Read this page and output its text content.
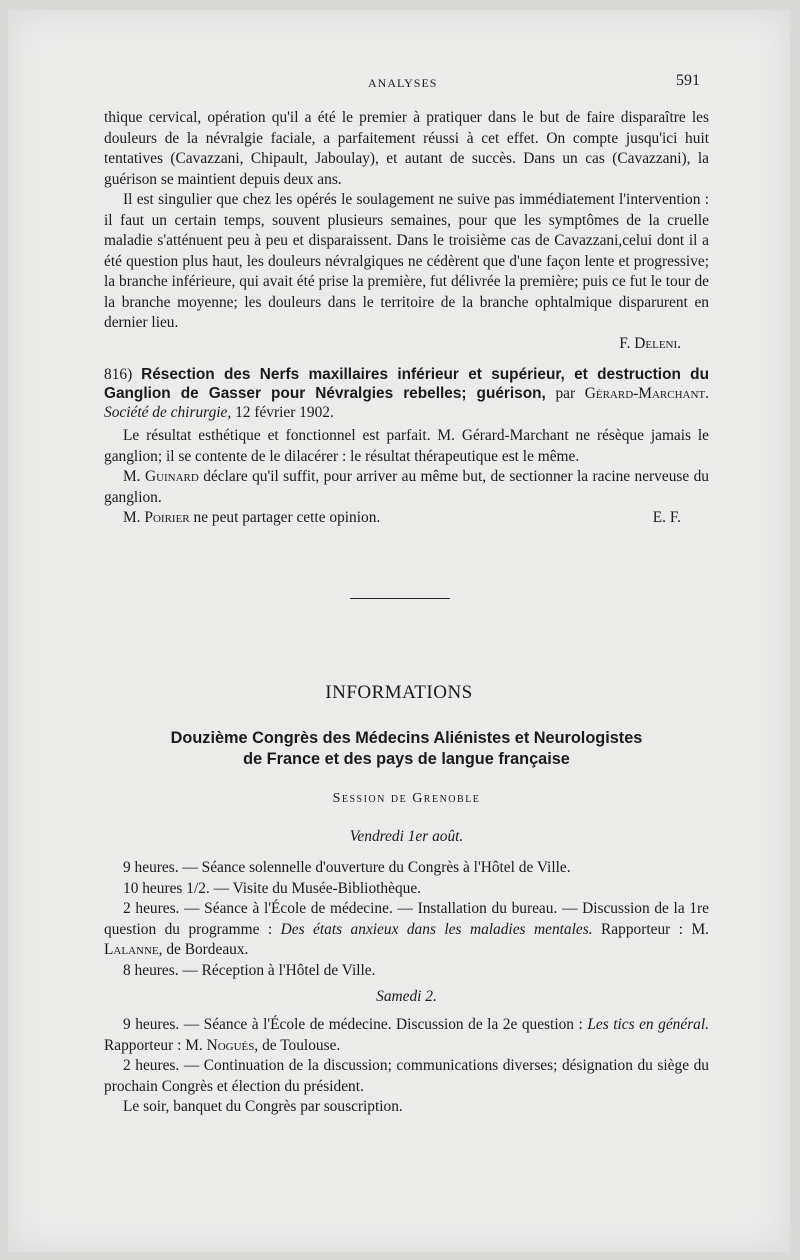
ANALYSES	591

thique cervical, opération qu'il a été le premier à pratiquer dans le but de faire disparaître les douleurs de la névralgie faciale, a parfaitement réussi à cet effet. On compte jusqu'ici huit tentatives (Cavazzani, Chipault, Jaboulay), et autant de succès. Dans un cas (Cavazzani), la guérison se maintient depuis deux ans.

Il est singulier que chez les opérés le soulagement ne suive pas immédiatement l'intervention : il faut un certain temps, souvent plusieurs semaines, pour que les symptômes de la cruelle maladie s'atténuent peu à peu et disparaissent. Dans le troisième cas de Cavazzani,celui dont il a été question plus haut, les douleurs névralgiques ne cédèrent que d'une façon lente et progressive; la branche inférieure, qui avait été prise la première, fut délivrée la première; puis ce fut le tour de la branche moyenne; les douleurs dans le territoire de la branche ophtalmique disparurent en dernier lieu.

F. Deleni.

816) Résection des Nerfs maxillaires inférieur et supérieur, et destruction du Ganglion de Gasser pour Névralgies rebelles; guérison, par Gérard-Marchant. Société de chirurgie, 12 février 1902.

Le résultat esthétique et fonctionnel est parfait. M. Gérard-Marchant ne résèque jamais le ganglion; il se contente de le dilacérer : le résultat thérapeutique est le même.

M. Guinard déclare qu'il suffit, pour arriver au même but, de sectionner la racine nerveuse du ganglion.

M. Poirier ne peut partager cette opinion.	E. F.

INFORMATIONS
Douzième Congrès des Médecins Aliénistes et Neurologistes
de France et des pays de langue française
Session de Grenoble
Vendredi 1er août.

9 heures. — Séance solennelle d'ouverture du Congrès à l'Hôtel de Ville.

10 heures 1/2. — Visite du Musée-Bibliothèque.

2 heures. — Séance à l'École de médecine. — Installation du bureau. — Discussion de la 1re question du programme : Des états anxieux dans les maladies mentales. Rapporteur : M. Lalanne, de Bordeaux.

8 heures. — Réception à l'Hôtel de Ville.

Samedi 2.

9 heures. — Séance à l'École de médecine. Discussion de la 2e question : Les tics en général. Rapporteur : M. Nogués, de Toulouse.

2 heures. — Continuation de la discussion; communications diverses; désignation du siège du prochain Congrès et élection du président.

Le soir, banquet du Congrès par souscription.
